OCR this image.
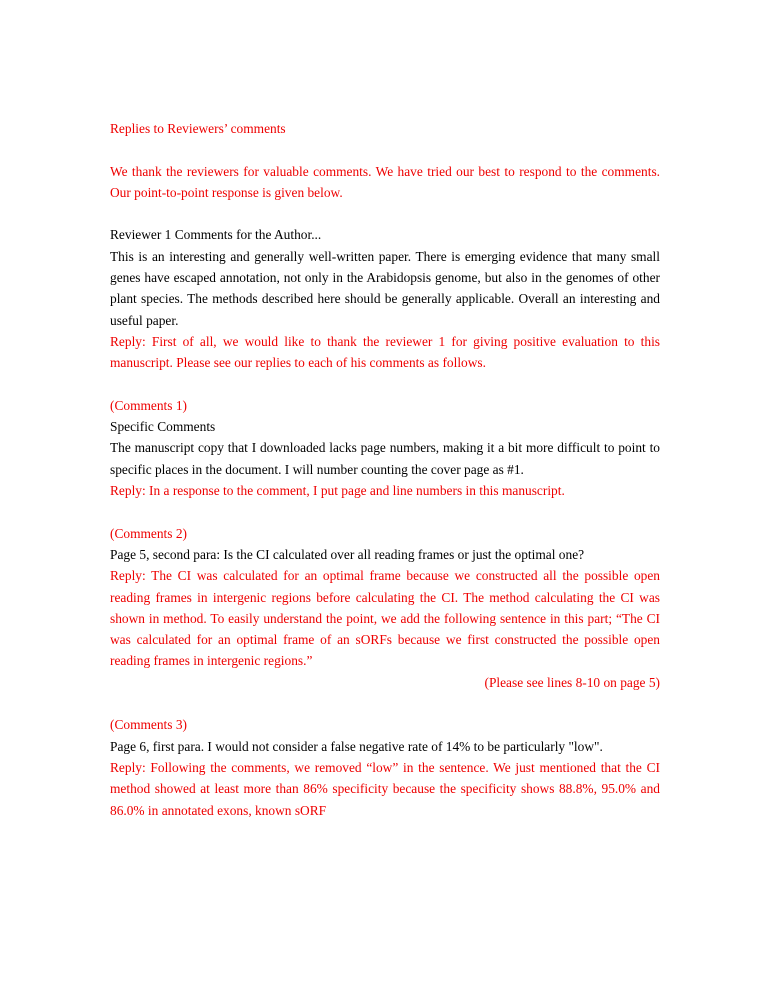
Replies to Reviewers’ comments

We thank the reviewers for valuable comments. We have tried our best to respond to the comments. Our point-to-point response is given below.

Reviewer 1 Comments for the Author...

This is an interesting and generally well-written paper. There is emerging evidence that many small genes have escaped annotation, not only in the Arabidopsis genome, but also in the genomes of other plant species. The methods described here should be generally applicable. Overall an interesting and useful paper.

Reply: First of all, we would like to thank the reviewer 1 for giving positive evaluation to this manuscript. Please see our replies to each of his comments as follows.

(Comments 1)

Specific Comments

The manuscript copy that I downloaded lacks page numbers, making it a bit more difficult to point to specific places in the document. I will number counting the cover page as #1.

Reply: In a response to the comment, I put page and line numbers in this manuscript.

(Comments 2)

Page 5, second para: Is the CI calculated over all reading frames or just the optimal one?

Reply: The CI was calculated for an optimal frame because we constructed all the possible open reading frames in intergenic regions before calculating the CI. The method calculating the CI was shown in method. To easily understand the point, we add the following sentence in this part; “The CI was calculated for an optimal frame of an sORFs because we first constructed the possible open reading frames in intergenic regions.”

(Please see lines 8-10 on page 5)

(Comments 3)

Page 6, first para. I would not consider a false negative rate of 14% to be particularly "low".

Reply: Following the comments, we removed “low” in the sentence. We just mentioned that the CI method showed at least more than 86% specificity because the specificity shows 88.8%, 95.0% and 86.0% in annotated exons, known sORF
